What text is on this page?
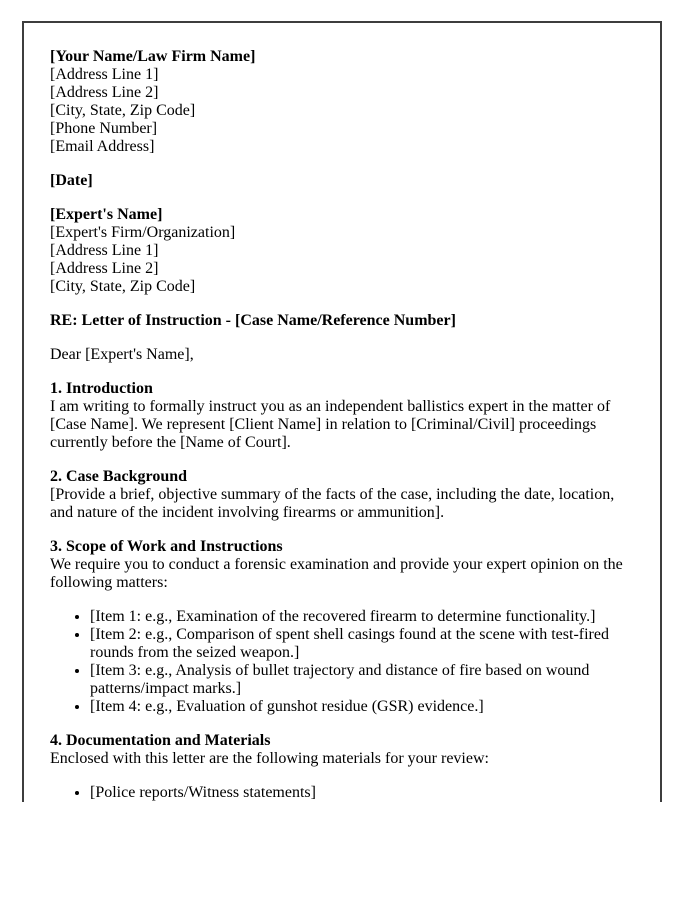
[Your Name/Law Firm Name]
[Address Line 1]
[Address Line 2]
[City, State, Zip Code]
[Phone Number]
[Email Address]
[Date]
[Expert's Name]
[Expert's Firm/Organization]
[Address Line 1]
[Address Line 2]
[City, State, Zip Code]
RE: Letter of Instruction - [Case Name/Reference Number]
Dear [Expert's Name],
1. Introduction
I am writing to formally instruct you as an independent ballistics expert in the matter of [Case Name]. We represent [Client Name] in relation to [Criminal/Civil] proceedings currently before the [Name of Court].
2. Case Background
[Provide a brief, objective summary of the facts of the case, including the date, location, and nature of the incident involving firearms or ammunition].
3. Scope of Work and Instructions
We require you to conduct a forensic examination and provide your expert opinion on the following matters:
• [Item 1: e.g., Examination of the recovered firearm to determine functionality.]
• [Item 2: e.g., Comparison of spent shell casings found at the scene with test-fired rounds from the seized weapon.]
• [Item 3: e.g., Analysis of bullet trajectory and distance of fire based on wound patterns/impact marks.]
• [Item 4: e.g., Evaluation of gunshot residue (GSR) evidence.]
4. Documentation and Materials
Enclosed with this letter are the following materials for your review:
• [Police reports/Witness statements]
